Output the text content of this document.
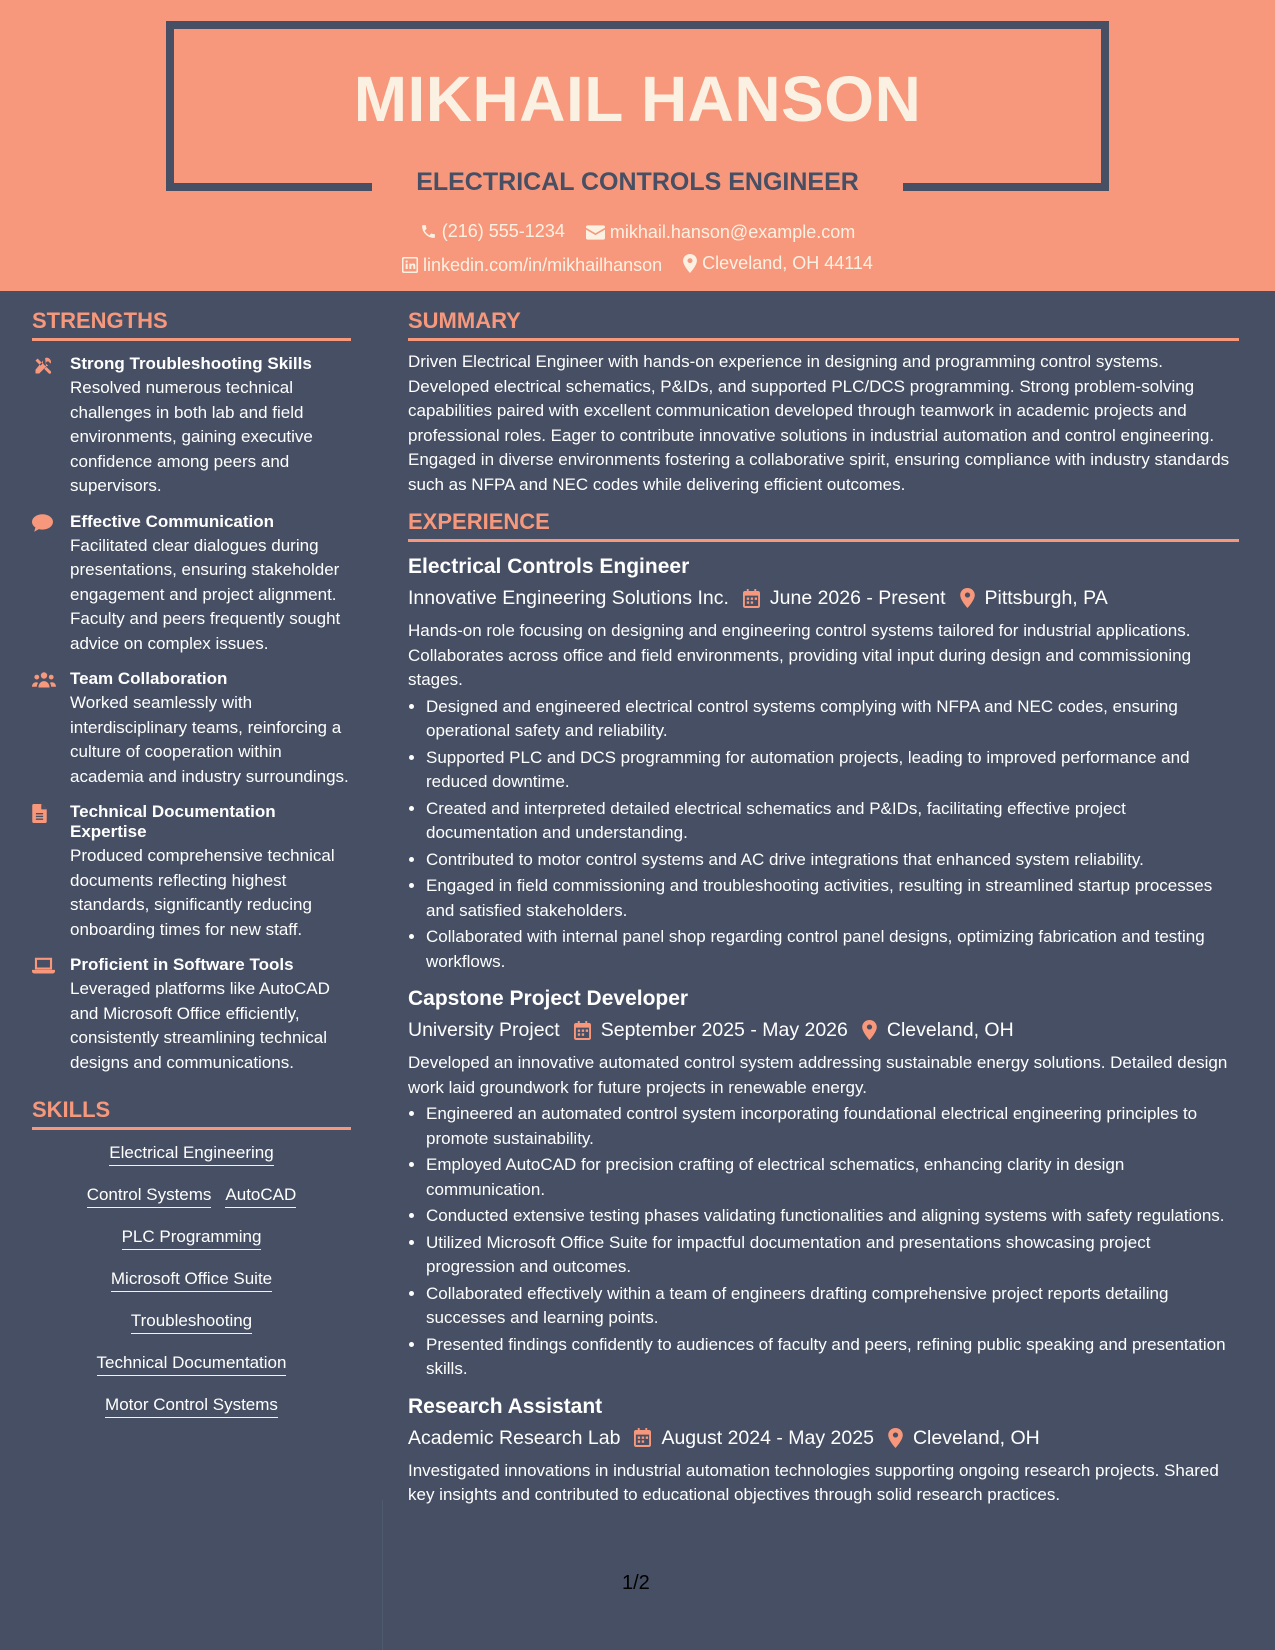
MIKHAIL HANSON
ELECTRICAL CONTROLS ENGINEER
(216) 555-1234
	mikhail.hanson@example.com
linkedin.com/in/mikhailhanson
Cleveland, OH 44114
STRENGTHS
Strong Troubleshooting Skills
Resolved numerous technical challenges in both lab and field environments, gaining executive confidence among peers and supervisors.
Effective Communication
Facilitated clear dialogues during presentations, ensuring stakeholder engagement and project alignment. Faculty and peers frequently sought advice on complex issues.
Team Collaboration
Worked seamlessly with interdisciplinary teams, reinforcing a culture of cooperation within academia and industry surroundings.
Technical Documentation Expertise
Produced comprehensive technical documents reflecting highest standards, significantly reducing onboarding times for new staff.
Proficient in Software Tools
Leveraged platforms like AutoCAD and Microsoft Office efficiently, consistently streamlining technical designs and communications.
SKILLS
Electrical Engineering
Control Systems AutoCAD
PLC Programming
Microsoft Office Suite
Troubleshooting
Technical Documentation
Motor Control Systems
SUMMARY
Driven Electrical Engineer with hands-on experience in designing and programming control systems. Developed electrical schematics, P&IDs, and supported PLC/DCS programming. Strong problem-solving capabilities paired with excellent communication developed through teamwork in academic projects and professional roles. Eager to contribute innovative solutions in industrial automation and control engineering. Engaged in diverse environments fostering a collaborative spirit, ensuring compliance with industry standards such as NFPA and NEC codes while delivering efficient outcomes.
EXPERIENCE
Electrical Controls Engineer
Innovative Engineering Solutions Inc. June 2026 - Present Pittsburgh, PA
Hands-on role focusing on designing and engineering control systems tailored for industrial applications. Collaborates across office and field environments, providing vital input during design and commissioning stages.
• Designed and engineered electrical control systems complying with NFPA and NEC codes, ensuring operational safety and reliability.
• Supported PLC and DCS programming for automation projects, leading to improved performance and reduced downtime.
• Created and interpreted detailed electrical schematics and P&IDs, facilitating effective project documentation and understanding.
• Contributed to motor control systems and AC drive integrations that enhanced system reliability.
• Engaged in field commissioning and troubleshooting activities, resulting in streamlined startup processes and satisfied stakeholders.
• Collaborated with internal panel shop regarding control panel designs, optimizing fabrication and testing workflows.
Capstone Project Developer
University Project September 2025 - May 2026 Cleveland, OH
Developed an innovative automated control system addressing sustainable energy solutions. Detailed design work laid groundwork for future projects in renewable energy.
• Engineered an automated control system incorporating foundational electrical engineering principles to promote sustainability.
• Employed AutoCAD for precision crafting of electrical schematics, enhancing clarity in design communication.
• Conducted extensive testing phases validating functionalities and aligning systems with safety regulations.
• Utilized Microsoft Office Suite for impactful documentation and presentations showcasing project progression and outcomes.
• Collaborated effectively within a team of engineers drafting comprehensive project reports detailing successes and learning points.
• Presented findings confidently to audiences of faculty and peers, refining public speaking and presentation skills.
Research Assistant
Academic Research Lab August 2024 - May 2025 Cleveland, OH
Investigated innovations in industrial automation technologies supporting ongoing research projects. Shared key insights and contributed to educational objectives through solid research practices.
1/2
